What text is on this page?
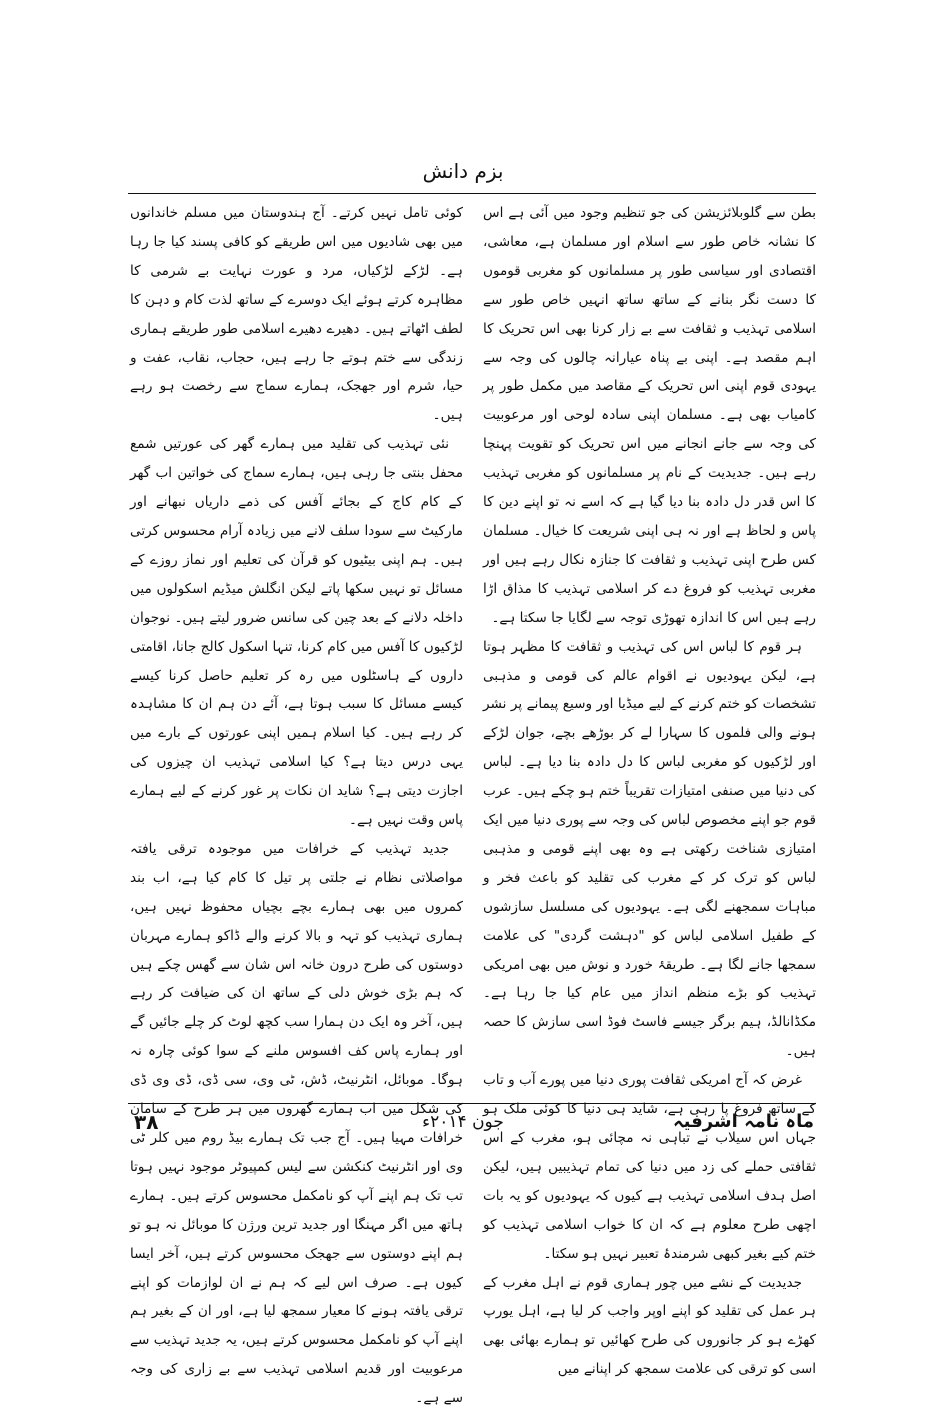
بزم دانش

بطن سے گلوبلائزیشن کی جو تنظیم وجود میں آئی ہے اس کا نشانہ خاص طور سے اسلام اور مسلمان ہے، معاشی، اقتصادی اور سیاسی طور پر مسلمانوں کو مغربی قوموں کا دست نگر بنانے کے ساتھ ساتھ انہیں خاص طور سے اسلامی تہذیب و ثقافت سے بے زار کرنا بھی اس تحریک کا اہم مقصد ہے۔ اپنی بے پناہ عیارانہ چالوں کی وجہ سے یہودی قوم اپنی اس تحریک کے مقاصد میں مکمل طور پر کامیاب بھی ہے۔ مسلمان اپنی سادہ لوحی اور مرعوبیت کی وجہ سے جانے انجانے میں اس تحریک کو تقویت پہنچا رہے ہیں۔ جدیدیت کے نام پر مسلمانوں کو مغربی تہذیب کا اس قدر دل دادہ بنا دیا گیا ہے کہ اسے نہ تو اپنے دین کا پاس و لحاظ ہے اور نہ ہی اپنی شریعت کا خیال۔ مسلمان کس طرح اپنی تہذیب و ثقافت کا جنازہ نکال رہے ہیں اور مغربی تہذیب کو فروغ دے کر اسلامی تہذیب کا مذاق اڑا رہے ہیں اس کا اندازہ تھوڑی توجہ سے لگایا جا سکتا ہے۔

ہر قوم کا لباس اس کی تہذیب و ثقافت کا مظہر ہوتا ہے، لیکن یہودیوں نے اقوام عالم کی قومی و مذہبی تشخصات کو ختم کرنے کے لیے میڈیا اور وسیع پیمانے پر نشر ہونے والی فلموں کا سہارا لے کر بوڑھے بچے، جوان لڑکے اور لڑکیوں کو مغربی لباس کا دل دادہ بنا دیا ہے۔ لباس کی دنیا میں صنفی امتیازات تقریباً ختم ہو چکے ہیں۔ عرب قوم جو اپنے مخصوص لباس کی وجہ سے پوری دنیا میں ایک امتیازی شناخت رکھتی ہے وہ بھی اپنے قومی و مذہبی لباس کو ترک کر کے مغرب کی تقلید کو باعث فخر و مباہات سمجھنے لگی ہے۔ یہودیوں کی مسلسل سازشوں کے طفیل اسلامی لباس کو "دہشت گردی" کی علامت سمجھا جانے لگا ہے۔ طریقۂ خورد و نوش میں بھی امریکی تہذیب کو بڑے منظم انداز میں عام کیا جا رہا ہے۔ مکڈانالڈ، ہیم برگر جیسے فاسٹ فوڈ اسی سازش کا حصہ ہیں۔

غرض کہ آج امریکی ثقافت پوری دنیا میں پورے آب و تاب کے ساتھ فروغ پا رہی ہے، شاید ہی دنیا کا کوئی ملک ہو جہاں اس سیلاب نے تباہی نہ مچائی ہو، مغرب کے اس ثقافتی حملے کی زد میں دنیا کی تمام تہذیبیں ہیں، لیکن اصل ہدف اسلامی تہذیب ہے کیوں کہ یہودیوں کو یہ بات اچھی طرح معلوم ہے کہ ان کا خواب اسلامی تہذیب کو ختم کیے بغیر کبھی شرمندۂ تعبیر نہیں ہو سکتا۔

جدیدیت کے نشے میں چور ہماری قوم نے اہل مغرب کے ہر عمل کی تقلید کو اپنے اوپر واجب کر لیا ہے، اہل یورپ کھڑے ہو کر جانوروں کی طرح کھائیں تو ہمارے بھائی بھی اسی کو ترقی کی علامت سمجھ کر اپنانے میں

کوئی تامل نہیں کرتے۔ آج ہندوستان میں مسلم خاندانوں میں بھی شادیوں میں اس طریقے کو کافی پسند کیا جا رہا ہے۔ لڑکے لڑکیاں، مرد و عورت نہایت بے شرمی کا مظاہرہ کرتے ہوئے ایک دوسرے کے ساتھ لذت کام و دہن کا لطف اٹھاتے ہیں۔ دھیرے دھیرے اسلامی طور طریقے ہماری زندگی سے ختم ہوتے جا رہے ہیں، حجاب، نقاب، عفت و حیا، شرم اور جھجک، ہمارے سماج سے رخصت ہو رہے ہیں۔

نئی تہذیب کی تقلید میں ہمارے گھر کی عورتیں شمع محفل بنتی جا رہی ہیں، ہمارے سماج کی خواتین اب گھر کے کام کاج کے بجائے آفس کی ذمے داریاں نبھانے اور مارکیٹ سے سودا سلف لانے میں زیادہ آرام محسوس کرتی ہیں۔ ہم اپنی بیٹیوں کو قرآن کی تعلیم اور نماز روزے کے مسائل تو نہیں سکھا پاتے لیکن انگلش میڈیم اسکولوں میں داخلہ دلانے کے بعد چین کی سانس ضرور لیتے ہیں۔ نوجوان لڑکیوں کا آفس میں کام کرنا، تنہا اسکول کالج جانا، اقامتی داروں کے ہاسٹلوں میں رہ کر تعلیم حاصل کرنا کیسے کیسے مسائل کا سبب ہوتا ہے، آئے دن ہم ان کا مشاہدہ کر رہے ہیں۔ کیا اسلام ہمیں اپنی عورتوں کے بارے میں یہی درس دیتا ہے؟ کیا اسلامی تہذیب ان چیزوں کی اجازت دیتی ہے؟ شاید ان نکات پر غور کرنے کے لیے ہمارے پاس وقت نہیں ہے۔

جدید تہذیب کے خرافات میں موجودہ ترقی یافتہ مواصلاتی نظام نے جلتی پر تیل کا کام کیا ہے، اب بند کمروں میں بھی ہمارے بچے بچیاں محفوظ نہیں ہیں، ہماری تہذیب کو تہہ و بالا کرنے والے ڈاکو ہمارے مہربان دوستوں کی طرح درون خانہ اس شان سے گھس چکے ہیں کہ ہم بڑی خوش دلی کے ساتھ ان کی ضیافت کر رہے ہیں، آخر وہ ایک دن ہمارا سب کچھ لوٹ کر چلے جائیں گے اور ہمارے پاس کف افسوس ملنے کے سوا کوئی چارہ نہ ہوگا۔ موبائل، انٹرنیٹ، ڈش، ٹی وی، سی ڈی، ڈی وی ڈی کی شکل میں اب ہمارے گھروں میں ہر طرح کے سامان خرافات مہیا ہیں۔ آج جب تک ہمارے بیڈ روم میں کلر ٹی وی اور انٹرنیٹ کنکشن سے لیس کمپیوٹر موجود نہیں ہوتا تب تک ہم اپنے آپ کو نامکمل محسوس کرتے ہیں۔ ہمارے ہاتھ میں اگر مہنگا اور جدید ترین ورژن کا موبائل نہ ہو تو ہم اپنے دوستوں سے جھجک محسوس کرتے ہیں، آخر ایسا کیوں ہے۔ صرف اس لیے کہ ہم نے ان لوازمات کو اپنے ترقی یافتہ ہونے کا معیار سمجھ لیا ہے، اور ان کے بغیر ہم اپنے آپ کو نامکمل محسوس کرتے ہیں، یہ جدید تہذیب سے مرعوبیت اور قدیم اسلامی تہذیب سے بے زاری کی وجہ سے ہے۔

ماہ نامہ اشرفیہ
جون ۲۰۱۴ء
۳۸
